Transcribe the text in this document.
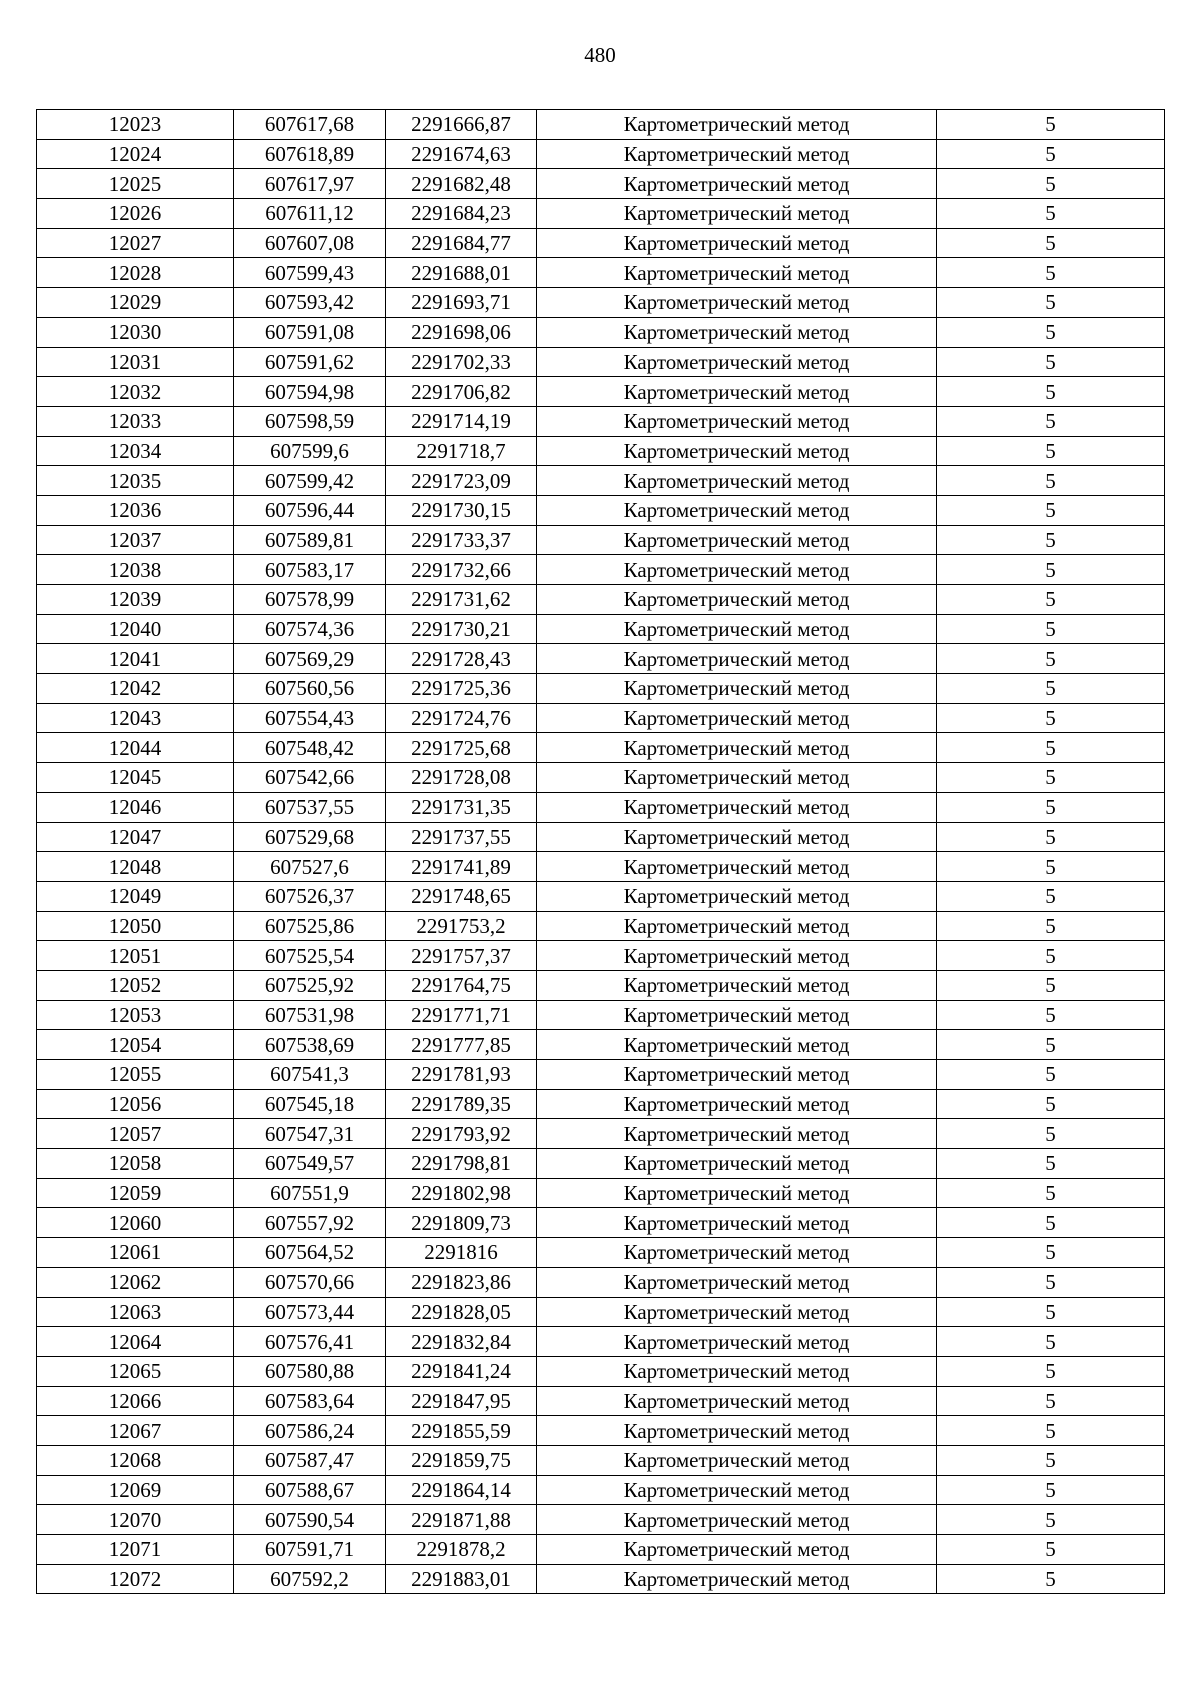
480
12023	607617,68	2291666,87	Картометрический метод	5
12024	607618,89	2291674,63	Картометрический метод	5
12025	607617,97	2291682,48	Картометрический метод	5
12026	607611,12	2291684,23	Картометрический метод	5
12027	607607,08	2291684,77	Картометрический метод	5
12028	607599,43	2291688,01	Картометрический метод	5
12029	607593,42	2291693,71	Картометрический метод	5
12030	607591,08	2291698,06	Картометрический метод	5
12031	607591,62	2291702,33	Картометрический метод	5
12032	607594,98	2291706,82	Картометрический метод	5
12033	607598,59	2291714,19	Картометрический метод	5
12034	607599,6	2291718,7	Картометрический метод	5
12035	607599,42	2291723,09	Картометрический метод	5
12036	607596,44	2291730,15	Картометрический метод	5
12037	607589,81	2291733,37	Картометрический метод	5
12038	607583,17	2291732,66	Картометрический метод	5
12039	607578,99	2291731,62	Картометрический метод	5
12040	607574,36	2291730,21	Картометрический метод	5
12041	607569,29	2291728,43	Картометрический метод	5
12042	607560,56	2291725,36	Картометрический метод	5
12043	607554,43	2291724,76	Картометрический метод	5
12044	607548,42	2291725,68	Картометрический метод	5
12045	607542,66	2291728,08	Картометрический метод	5
12046	607537,55	2291731,35	Картометрический метод	5
12047	607529,68	2291737,55	Картометрический метод	5
12048	607527,6	2291741,89	Картометрический метод	5
12049	607526,37	2291748,65	Картометрический метод	5
12050	607525,86	2291753,2	Картометрический метод	5
12051	607525,54	2291757,37	Картометрический метод	5
12052	607525,92	2291764,75	Картометрический метод	5
12053	607531,98	2291771,71	Картометрический метод	5
12054	607538,69	2291777,85	Картометрический метод	5
12055	607541,3	2291781,93	Картометрический метод	5
12056	607545,18	2291789,35	Картометрический метод	5
12057	607547,31	2291793,92	Картометрический метод	5
12058	607549,57	2291798,81	Картометрический метод	5
12059	607551,9	2291802,98	Картометрический метод	5
12060	607557,92	2291809,73	Картометрический метод	5
12061	607564,52	2291816	Картометрический метод	5
12062	607570,66	2291823,86	Картометрический метод	5
12063	607573,44	2291828,05	Картометрический метод	5
12064	607576,41	2291832,84	Картометрический метод	5
12065	607580,88	2291841,24	Картометрический метод	5
12066	607583,64	2291847,95	Картометрический метод	5
12067	607586,24	2291855,59	Картометрический метод	5
12068	607587,47	2291859,75	Картометрический метод	5
12069	607588,67	2291864,14	Картометрический метод	5
12070	607590,54	2291871,88	Картометрический метод	5
12071	607591,71	2291878,2	Картометрический метод	5
12072	607592,2	2291883,01	Картометрический метод	5
